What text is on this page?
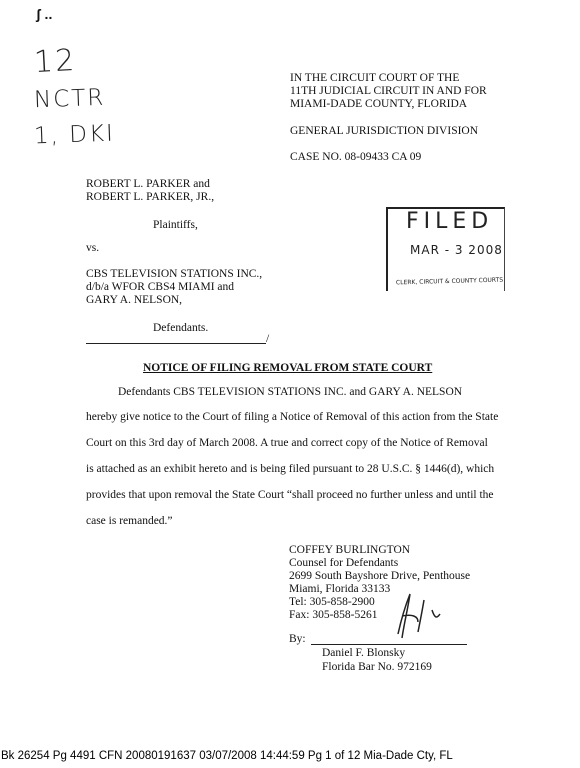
ʃ ..
12
NCTR
1, DKI
IN THE CIRCUIT COURT OF THE
11TH JUDICIAL CIRCUIT IN AND FOR
MIAMI-DADE COUNTY, FLORIDA
GENERAL JURISDICTION DIVISION
CASE NO. 08-09433 CA 09
ROBERT L. PARKER and
ROBERT L. PARKER, JR.,
Plaintiffs,
vs.
CBS TELEVISION STATIONS INC.,
d/b/a WFOR CBS4 MIAMI and
GARY A. NELSON,
Defendants.
/
FILED
MAR - 3 2008
CLERK, CIRCUIT & COUNTY COURTS
NOTICE OF FILING REMOVAL FROM STATE COURT
Defendants CBS TELEVISION STATIONS INC. and GARY A. NELSON
hereby give notice to the Court of filing a Notice of Removal of this action from the State
Court on this 3rd day of March 2008. A true and correct copy of the Notice of Removal
is attached as an exhibit hereto and is being filed pursuant to 28 U.S.C. § 1446(d), which
provides that upon removal the State Court “shall proceed no further unless and until the
case is remanded.”
COFFEY BURLINGTON
Counsel for Defendants
2699 South Bayshore Drive, Penthouse
Miami, Florida 33133
Tel: 305-858-2900
Fax: 305-858-5261
By:
Daniel F. Blonsky
Florida Bar No. 972169
Bk 26254 Pg 4491 CFN 20080191637 03/07/2008 14:44:59 Pg 1 of 12 Mia-Dade Cty, FL
